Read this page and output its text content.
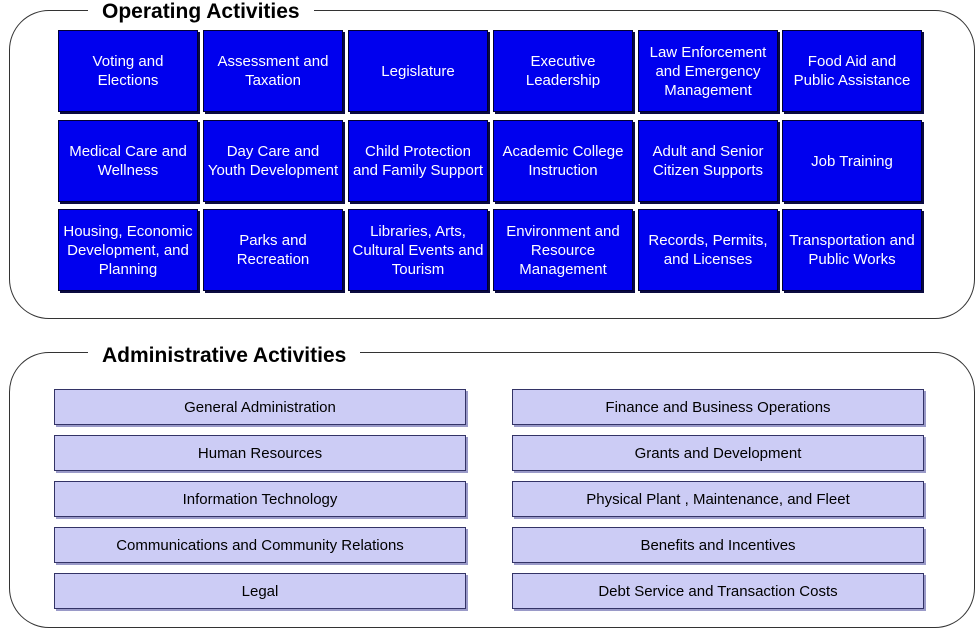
Operating Activities
Voting and Elections
Assessment and Taxation
Legislature
Executive Leadership
Law Enforcement and Emergency Management
Food Aid and Public Assistance
Medical Care and Wellness
Day Care and Youth Development
Child Protection and Family Support
Academic College Instruction
Adult and Senior Citizen Supports
Job Training
Housing, Economic Development, and Planning
Parks and Recreation
Libraries, Arts, Cultural Events and Tourism
Environment and Resource Management
Records, Permits, and Licenses
Transportation and Public Works
Administrative Activities
General Administration
Human Resources
Information Technology
Communications and Community Relations
Legal
Finance and Business Operations
Grants and Development
Physical Plant , Maintenance, and Fleet
Benefits and Incentives
Debt Service and Transaction Costs
